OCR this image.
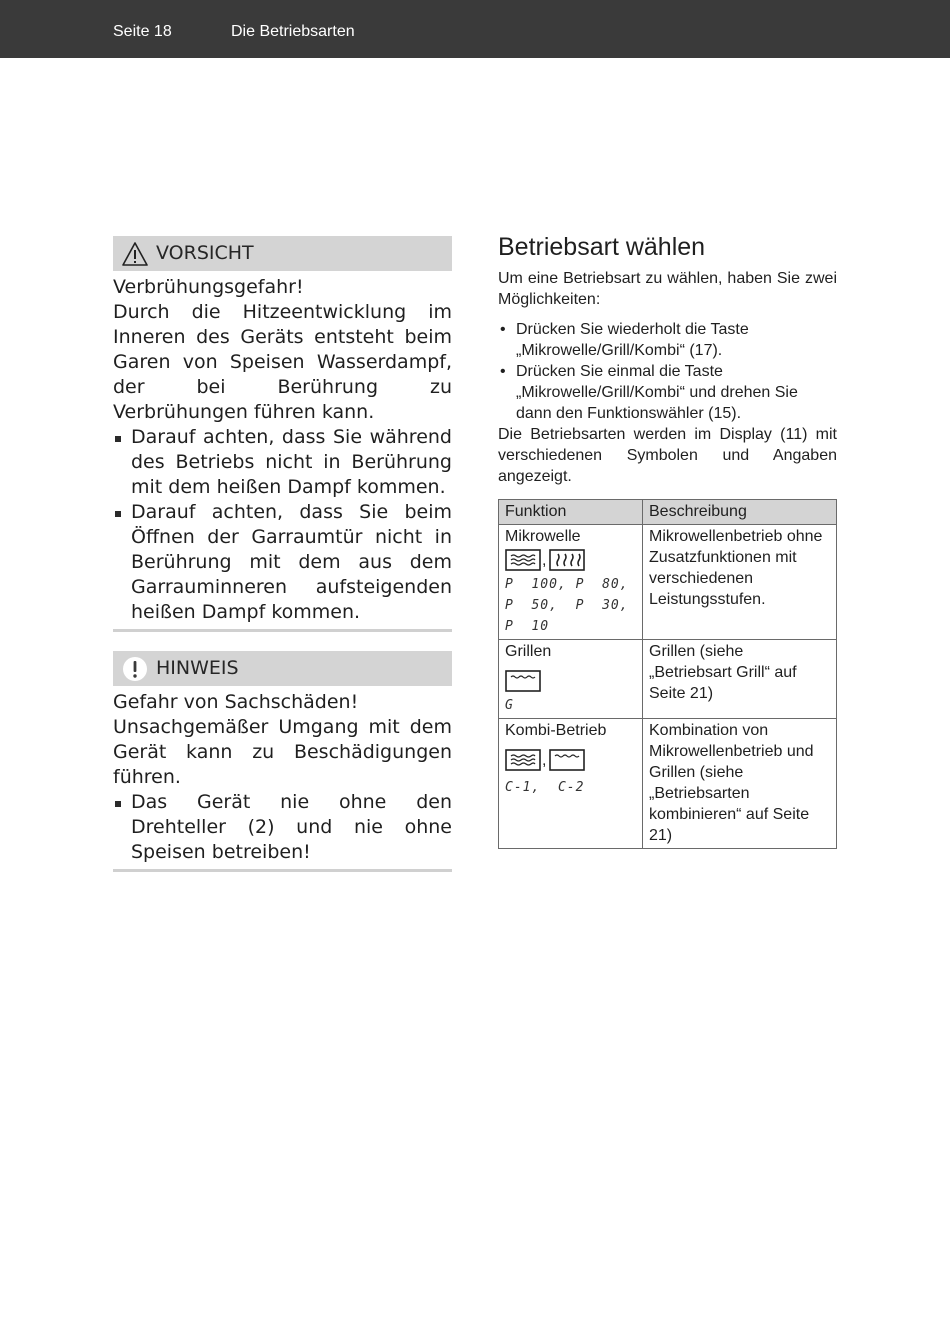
Seite 18	Die Betriebsarten
VORSICHT

Verbrühungsgefahr!

Durch die Hitzeentwicklung im Inneren des Geräts entsteht beim Garen von Speisen Wasserdampf, der bei Berührung zu Verbrühungen führen kann.

Darauf achten, dass Sie während des Betriebs nicht in Berührung mit dem heißen Dampf kommen.
Darauf achten, dass Sie beim Öffnen der Garraumtür nicht in Berührung mit dem aus dem Garrauminneren aufsteigenden heißen Dampf kommen.
HINWEIS

Gefahr von Sachschäden!

Unsachgemäßer Umgang mit dem Gerät kann zu Beschädigungen führen.

Das Gerät nie ohne den Drehteller (2) und nie ohne Speisen betreiben!
Betriebsart wählen

Um eine Betriebsart zu wählen, haben Sie zwei Möglichkeiten:

• Drücken Sie wiederholt die Taste „Mikrowelle/Grill/Kombi“ (17).
• Drücken Sie einmal die Taste „Mikrowelle/Grill/Kombi“ und drehen Sie dann den Funktionswähler (15).

Die Betriebsarten werden im Display (11) mit verschiedenen Symbolen und Angaben angezeigt.

Funktion	Beschreibung

Mikrowelle
,
P  100, P  80,
P  50,  P  30,
P  10	Mikrowellenbetrieb ohne Zusatzfunktionen mit verschiedenen Leistungsstufen.

Grillen
G	Grillen (siehe „Betriebsart Grill“ auf Seite 21)

Kombi-Betrieb
,
C-1,  C-2	Kombination von Mikrowellenbetrieb und Grillen (siehe „Betriebsarten kombinieren“ auf Seite 21)
